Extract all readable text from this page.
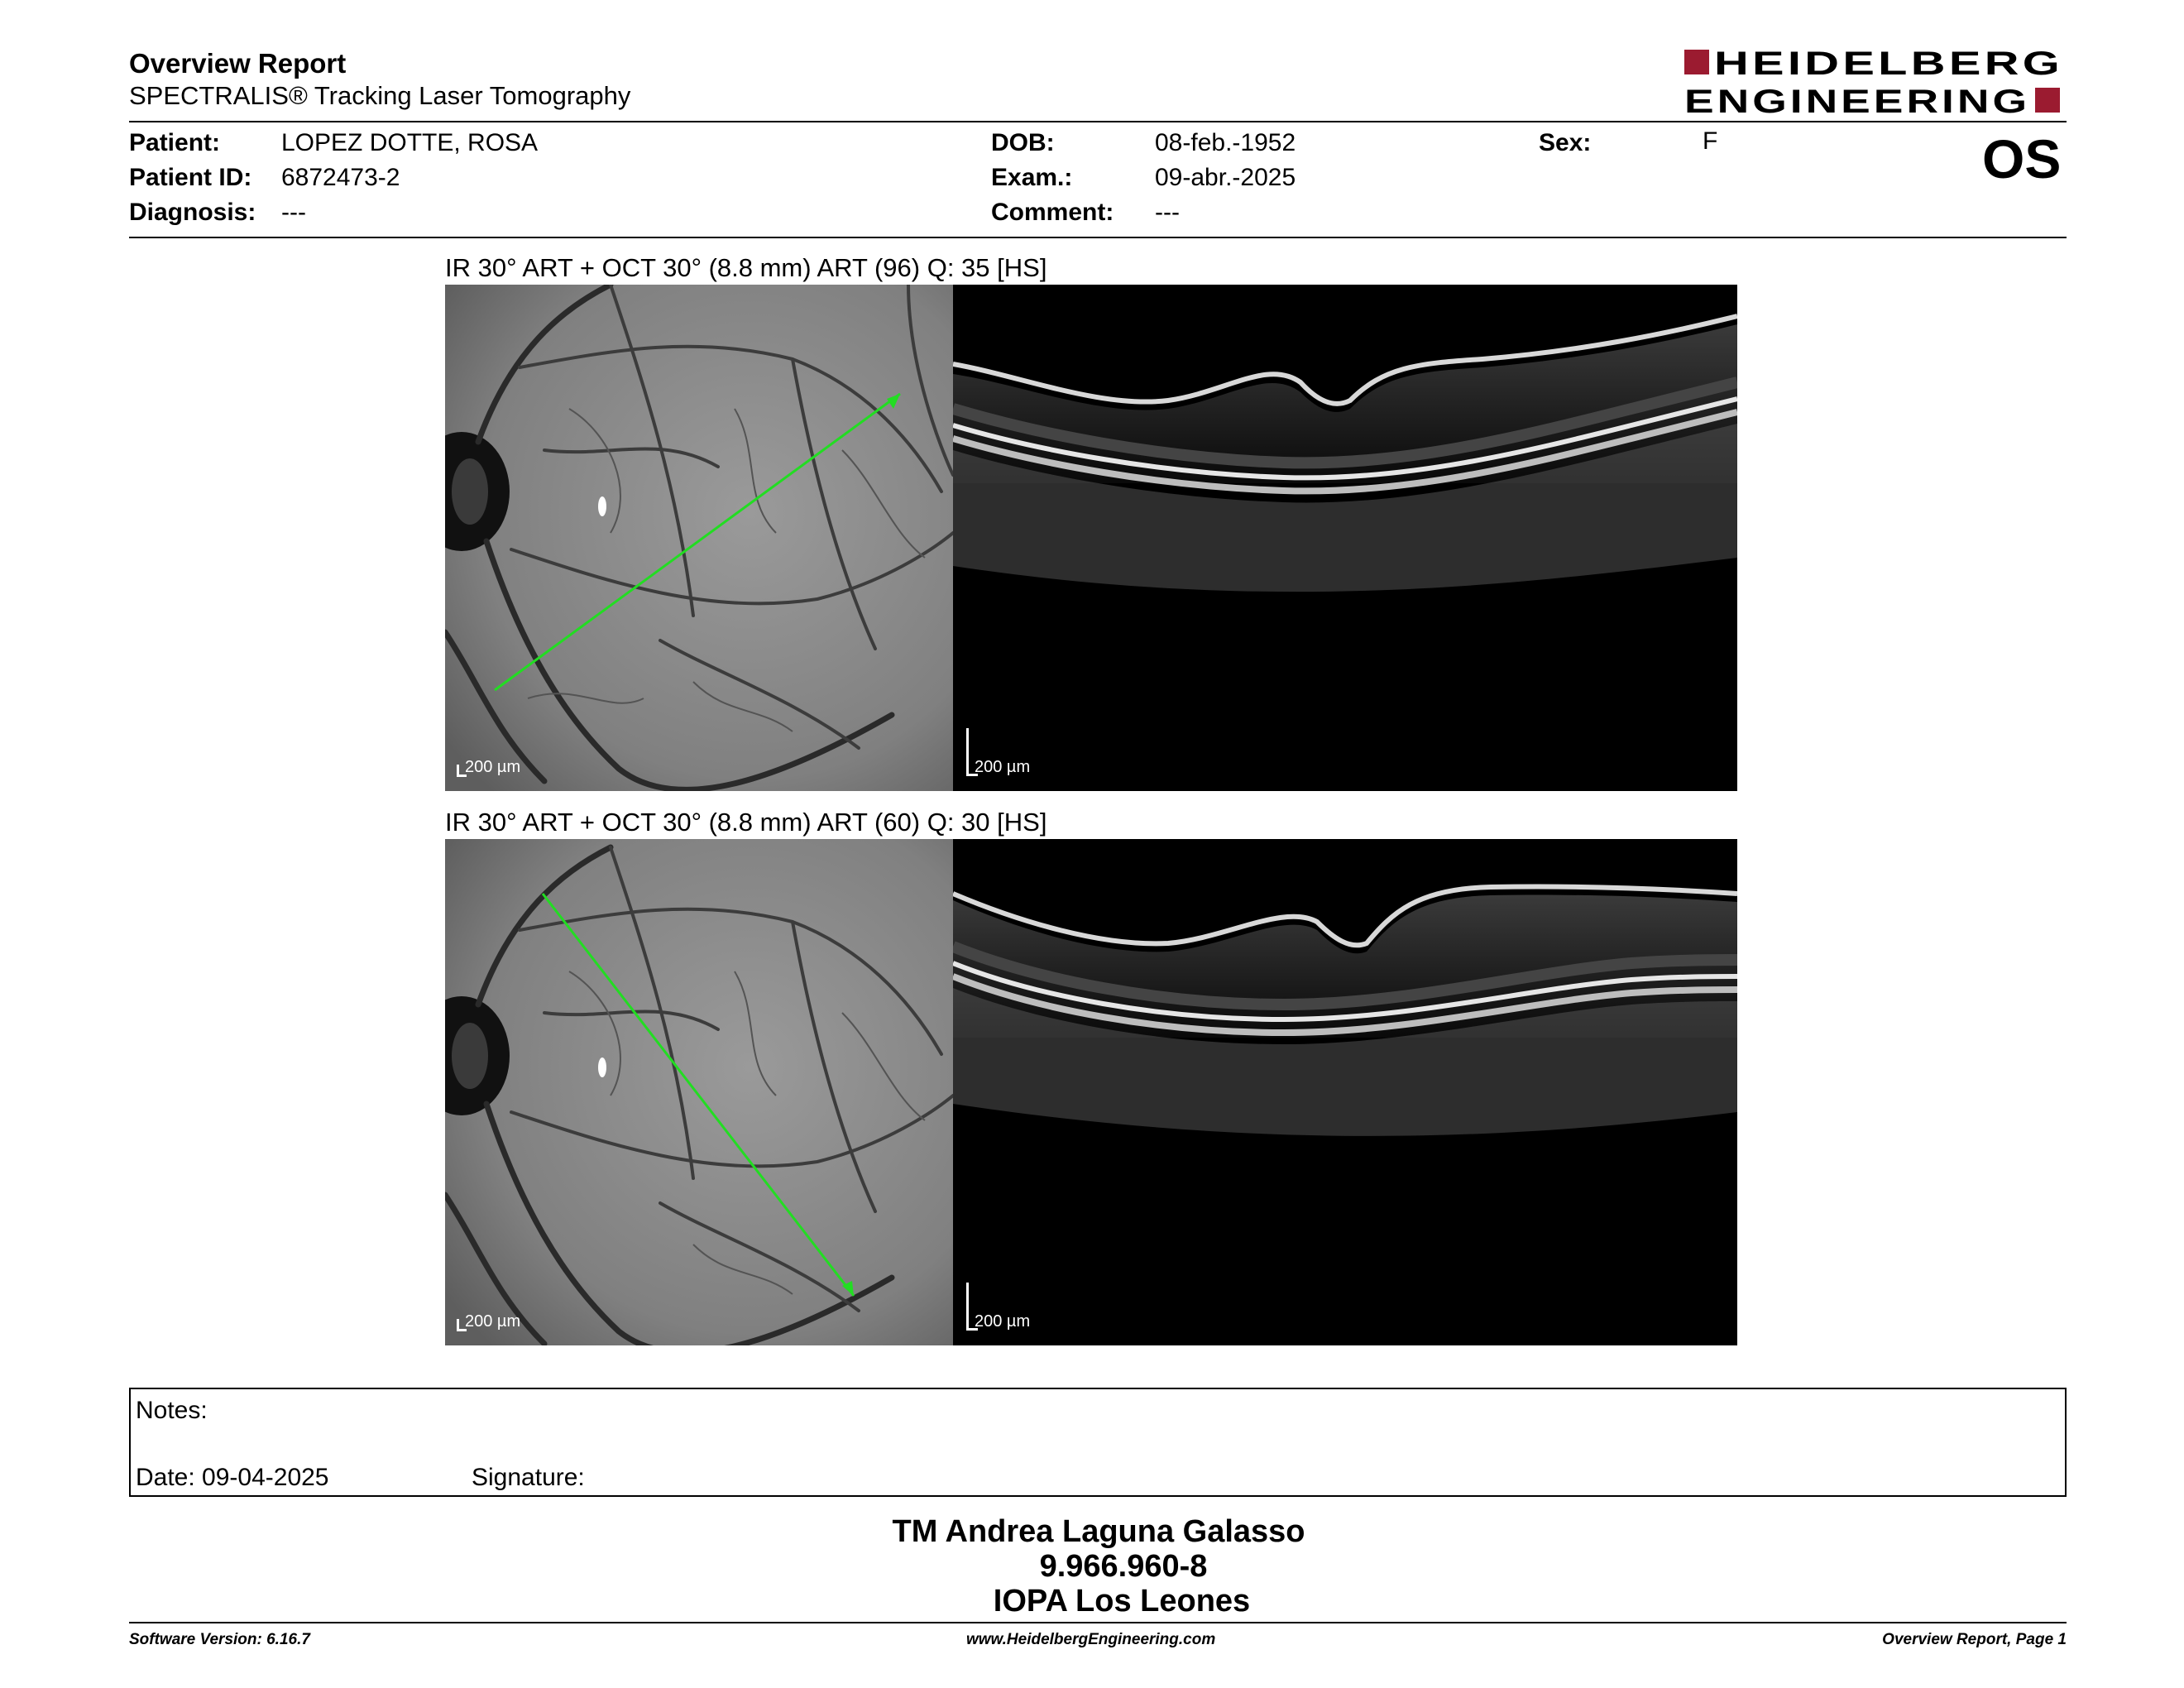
Overview Report
SPECTRALIS® Tracking Laser Tomography
HEIDELBERG
ENGINEERING
Patient: LOPEZ DOTTE, ROSA
Patient ID: 6872473-2
Diagnosis: ---
DOB:	08-feb.-1952
Exam.:	09-abr.-2025
Comment: ---
Sex:	F	OS
IR 30° ART + OCT 30° (8.8 mm) ART (96) Q: 35 [HS]
200 µm	200 µm
IR 30° ART + OCT 30° (8.8 mm) ART (60) Q: 30 [HS]
200 µm	200 µm
Notes:
Date: 09-04-2025	Signature:
TM Andrea Laguna Galasso
9.966.960-8
IOPA Los Leones
Software Version: 6.16.7	www.HeidelbergEngineering.com	Overview Report, Page 1
